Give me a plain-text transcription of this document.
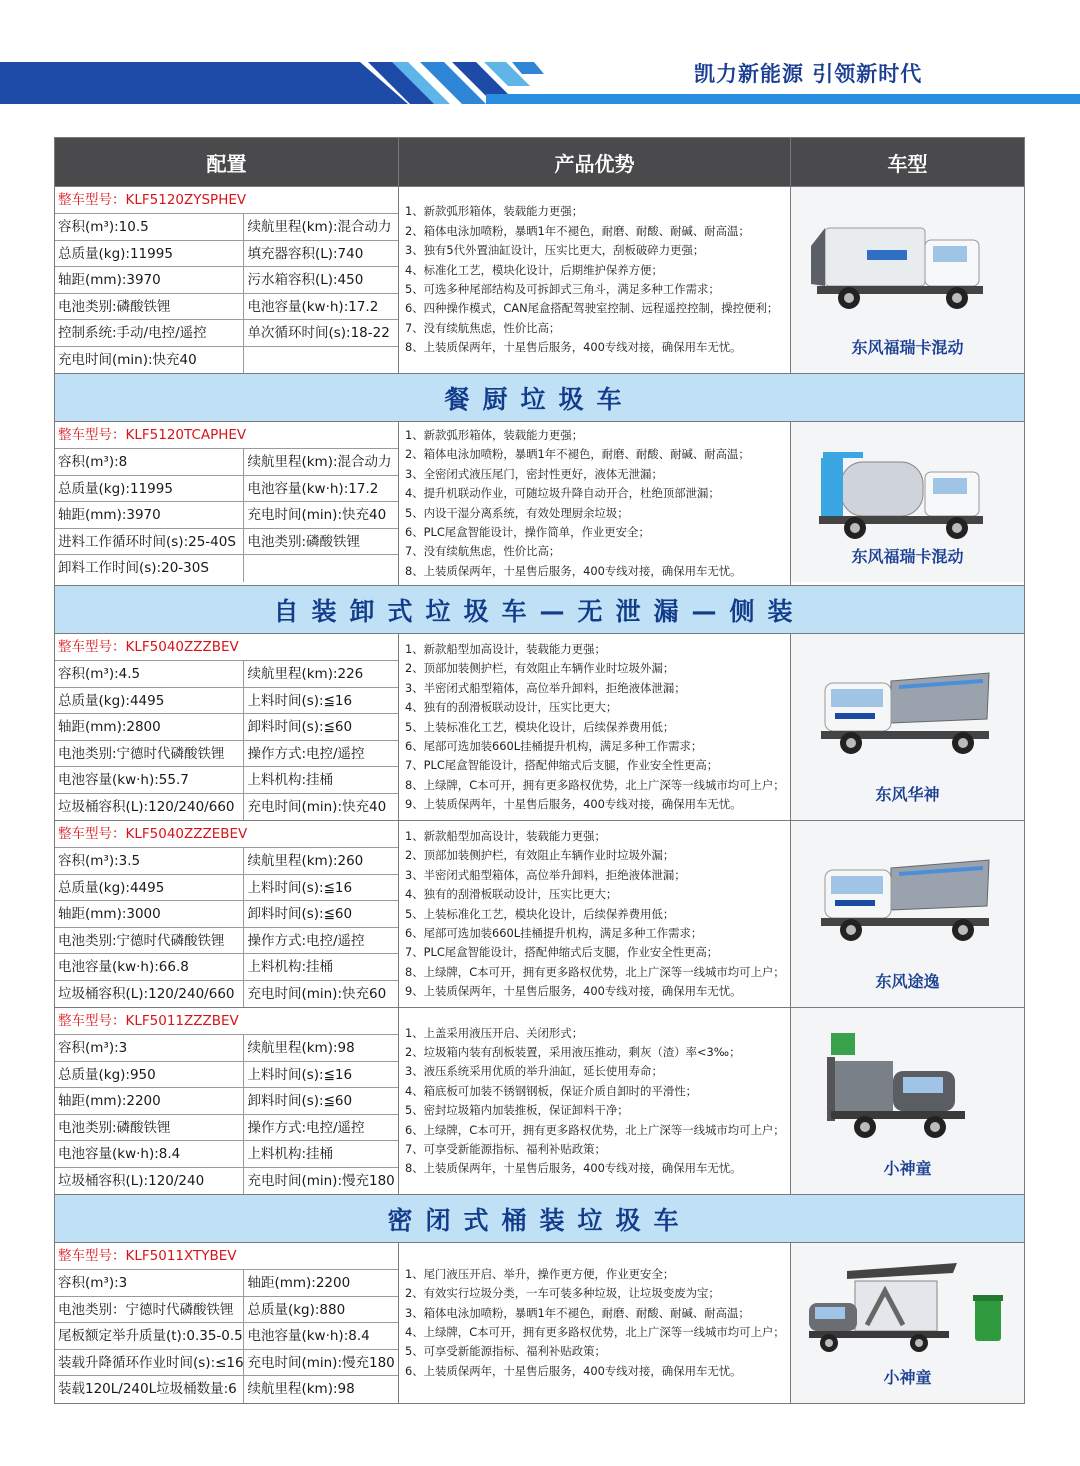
凯力新能源 引领新时代
配置	产品优势	车型
整车型号：KLF5120ZYSPHEV
容积(m³):10.5	续航里程(km):混合动力
总质量(kg):11995	填充器容积(L):740
轴距(mm):3970	污水箱容积(L):450
电池类别:磷酸铁锂	电池容量(kw·h):17.2
控制系统:手动/电控/遥控	单次循环时间(s):18-22
充电时间(min):快充40
1、新款弧形箱体，装载能力更强；
2、箱体电泳加喷粉，暴晒1年不褪色，耐磨、耐酸、耐碱、耐高温；
3、独有5代外置油缸设计，压实比更大，刮板破碎力更强；
4、标准化工艺，模块化设计，后期维护保养方便；
5、可选多种尾部结构及可拆卸式三角斗，满足多种工作需求；
6、四种操作模式，CAN尾盒搭配驾驶室控制、远程遥控控制，操控便利；
7、没有续航焦虑，性价比高；
8、上装质保两年，十星售后服务，400专线对接，确保用车无忧。	东风福瑞卡混动
餐厨垃圾车
整车型号：KLF5120TCAPHEV
容积(m³):8	续航里程(km):混合动力
总质量(kg):11995	电池容量(kw·h):17.2
轴距(mm):3970	充电时间(min):快充40
进料工作循环时间(s):25-40S 电池类别:磷酸铁锂
卸料工作时间(s):20-30S
1、新款弧形箱体，装载能力更强；
2、箱体电泳加喷粉，暴晒1年不褪色，耐磨、耐酸、耐碱、耐高温；
3、全密闭式液压尾门，密封性更好，液体无泄漏；
4、提升机联动作业，可随垃圾升降自动开合，杜绝顶部泄漏；
5、内设干湿分离系统，有效处理厨余垃圾；
6、PLC尾盒智能设计，操作简单，作业更安全；
7、没有续航焦虑，性价比高；
8、上装质保两年，十星售后服务，400专线对接，确保用车无忧。
东风福瑞卡混动
自装卸式垃圾车—无泄漏—侧装
整车型号：KLF5040ZZZBEV
容积(m³):4.5	续航里程(km):226
总质量(kg):4495	上料时间(s):≦16
轴距(mm):2800	卸料时间(s):≦60
电池类别:宁德时代磷酸铁锂	操作方式:电控/遥控
电池容量(kw·h):55.7	上料机构:挂桶
垃圾桶容积(L):120/240/660 充电时间(min):快充40
1、新款船型加高设计，装载能力更强；
2、顶部加装侧护栏，有效阻止车辆作业时垃圾外漏；
3、半密闭式船型箱体，高位举升卸料，拒绝液体泄漏；
4、独有的刮滑板联动设计，压实比更大；
5、上装标准化工艺，模块化设计，后续保养费用低；
6、尾部可选加装660L挂桶提升机构，满足多种工作需求；
7、PLC尾盒智能设计，搭配伸缩式后支腿，作业安全性更高；
8、上绿牌，C本可开，拥有更多路权优势，北上广深等一线城市均可上户；
9、上装质保两年，十星售后服务，400专线对接，确保用车无忧。	东风华神
整车型号：KLF5040ZZZEBEV
容积(m³):3.5	续航里程(km):260
总质量(kg):4495	上料时间(s):≦16
轴距(mm):3000	卸料时间(s):≦60
电池类别:宁德时代磷酸铁锂	操作方式:电控/遥控
电池容量(kw·h):66.8	上料机构:挂桶
垃圾桶容积(L):120/240/660 充电时间(min):快充60
1、新款船型加高设计，装载能力更强；
2、顶部加装侧护栏，有效阻止车辆作业时垃圾外漏；
3、半密闭式船型箱体，高位举升卸料，拒绝液体泄漏；
4、独有的刮滑板联动设计，压实比更大；
5、上装标准化工艺，模块化设计，后续保养费用低；
6、尾部可选加装660L挂桶提升机构，满足多种工作需求；
7、PLC尾盒智能设计，搭配伸缩式后支腿，作业安全性更高；
8、上绿牌，C本可开，拥有更多路权优势，北上广深等一线城市均可上户；
9、上装质保两年，十星售后服务，400专线对接，确保用车无忧。	东风途逸
整车型号：KLF5011ZZZBEV
容积(m³):3	续航里程(km):98
总质量(kg):950	上料时间(s):≦16
轴距(mm):2200	卸料时间(s):≦60
电池类别:磷酸铁锂	操作方式:电控/遥控
电池容量(kw·h):8.4	上料机构:挂桶
垃圾桶容积(L):120/240	充电时间(min):慢充180
1、上盖采用液压开启、关闭形式；
2、垃圾箱内装有刮板装置，采用液压推动，剩灰（渣）率<3‰；
3、液压系统采用优质的举升油缸，延长使用寿命；
4、箱底板可加装不锈钢钢板，保证介质自卸时的平滑性；
5、密封垃圾箱内加装推板，保证卸料干净；
6、上绿牌，C本可开，拥有更多路权优势，北上广深等一线城市均可上户；
7、可享受新能源指标、福利补贴政策；
8、上装质保两年，十星售后服务，400专线对接，确保用车无忧。	小神童
密闭式桶装垃圾车
整车型号：KLF5011XTYBEV
容积(m³):3	轴距(mm):2200
电池类别：宁德时代磷酸铁锂	总质量(kg):880
尾板额定举升质量(t):0.35-0.5 电池容量(kw·h):8.4
装载升降循环作业时间(s):≤16 充电时间(min):慢充180
装载120L/240L垃圾桶数量:6 续航里程(km):98
1、尾门液压开启、举升，操作更方便，作业更安全；
2、有效实行垃圾分类，一车可装多种垃圾，让垃圾变废为宝；
3、箱体电泳加喷粉，暴晒1年不褪色，耐磨、耐酸、耐碱、耐高温；
4、上绿牌，C本可开，拥有更多路权优势，北上广深等一线城市均可上户；
5、可享受新能源指标、福利补贴政策；
6、上装质保两年，十星售后服务，400专线对接，确保用车无忧。	小神童
